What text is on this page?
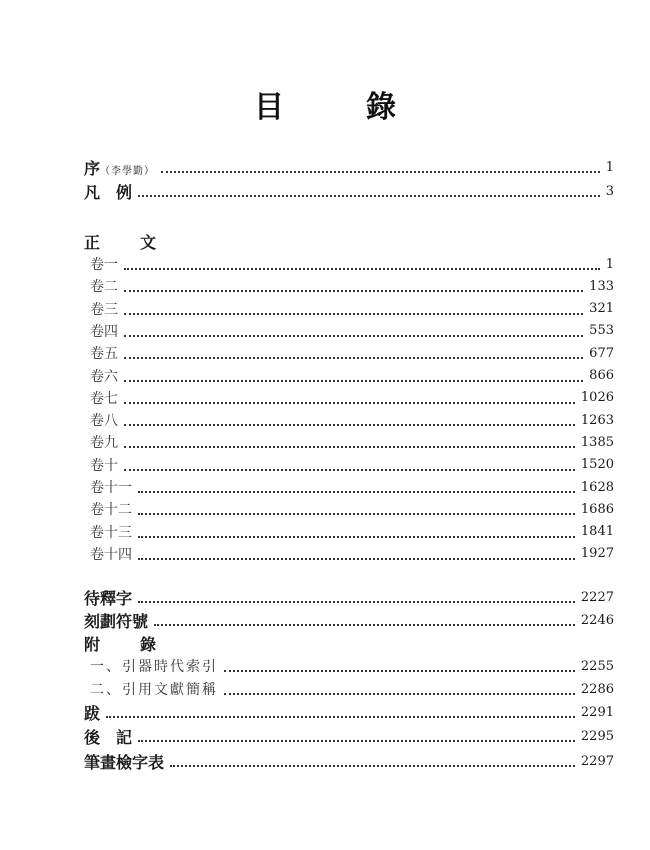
目　錄
序（李學勤）	1
凡　例	3
正　文
卷一	1
卷二	133
卷三	321
卷四	553
卷五	677
卷六	866
卷七	1026
卷八	1263
卷九	1385
卷十	1520
卷十一	1628
卷十二	1686
卷十三	1841
卷十四	1927
待釋字	2227
刻劃符號	2246
附　錄
一、引器時代索引	2255
二、引用文獻簡稱	2286
跋	2291
後　記	2295
筆畫檢字表	2297
